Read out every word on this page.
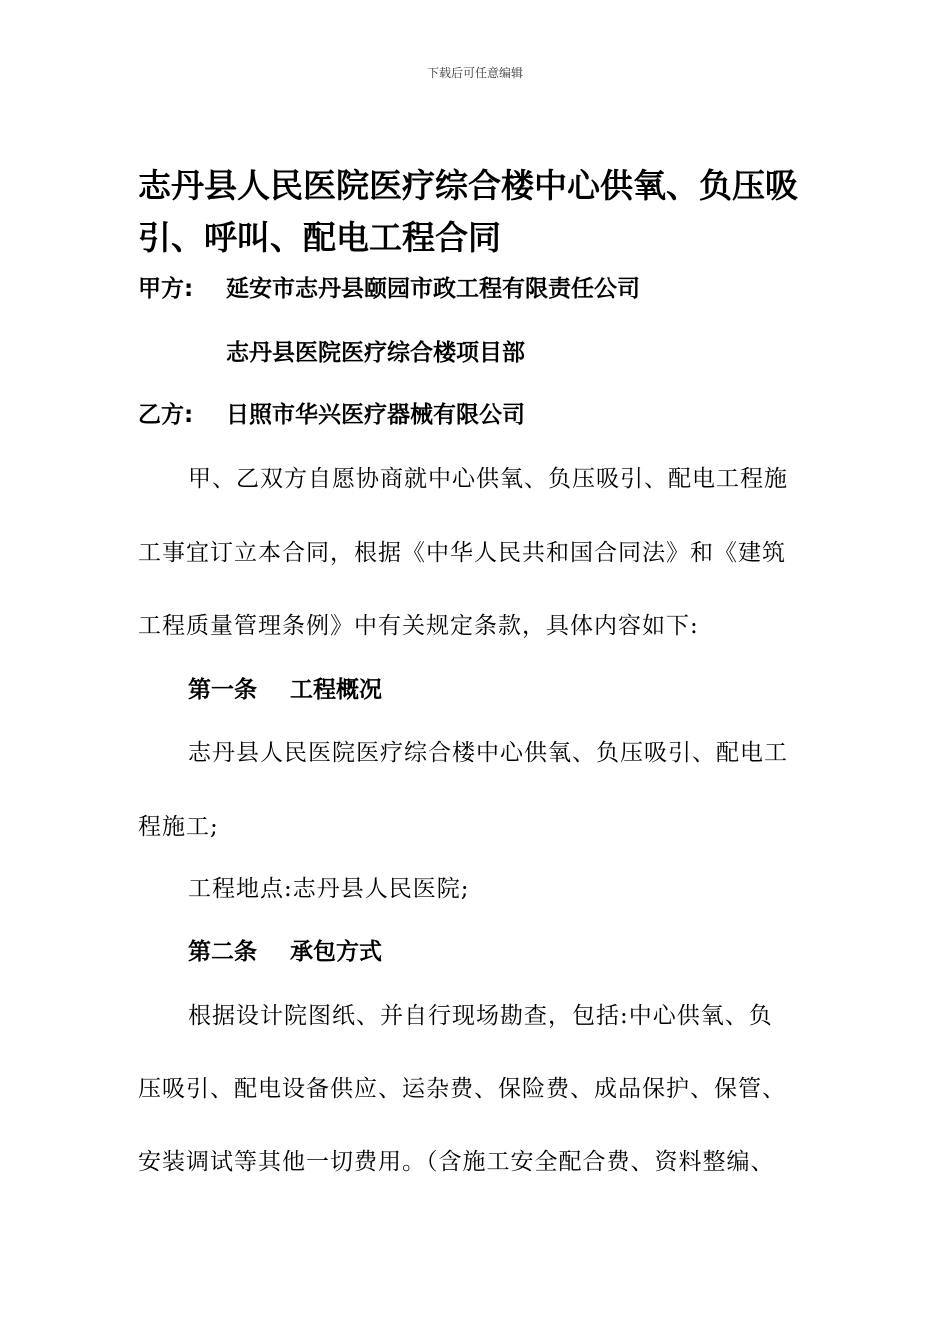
下载后可任意编辑
志丹县人民医院医疗综合楼中心供氧、负压吸引、呼叫、配电工程合同
甲方: 延安市志丹县颐园市政工程有限责任公司
志丹县医院医疗综合楼项目部
乙方: 日照市华兴医疗器械有限公司
甲、乙双方自愿协商就中心供氧、负压吸引、配电工程施
工事宜订立本合同，根据《中华人民共和国合同法》和《建筑
工程质量管理条例》中有关规定条款，具体内容如下:
第一条 工程概况
志丹县人民医院医疗综合楼中心供氧、负压吸引、配电工
程施工;
工程地点:志丹县人民医院;
第二条 承包方式
根据设计院图纸、并自行现场勘查，包括:中心供氧、负
压吸引、配电设备供应、运杂费、保险费、成品保护、保管、
安装调试等其他一切费用。（含施工安全配合费、资料整编、
